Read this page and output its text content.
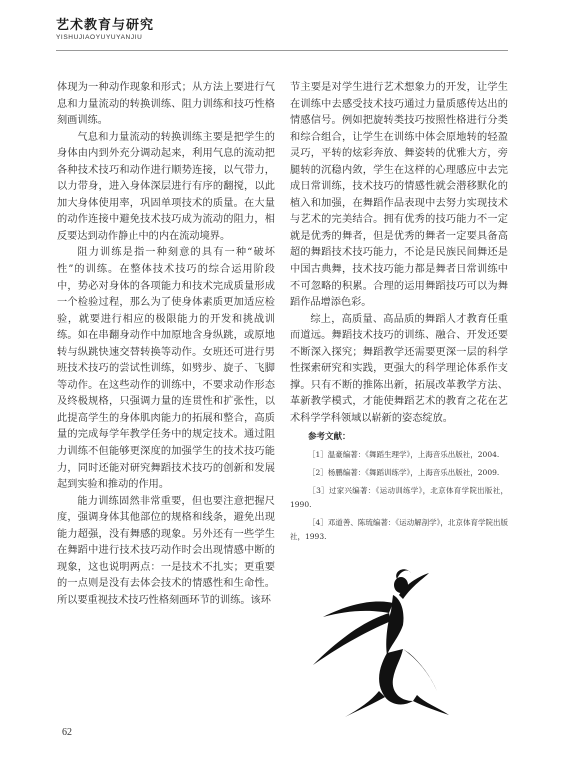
艺术教育与研究
YISHUJIAOYUYUYANJIU

体现为一种动作现象和形式；从方法上要进行气息和力量流动的转换训练、阻力训练和技巧性格刻画训练。

气息和力量流动的转换训练主要是把学生的身体由内到外充分调动起来，利用气息的流动把各种技术技巧和动作进行顺势连接，以气带力，以力带身，进入身体深层进行有序的翻搅，以此加大身体使用率，巩固单项技术的质量。在大量的动作连接中避免技术技巧成为流动的阻力，相反要达到动作静止中的内在流动境界。

阻力训练是指一种刻意的具有一种“破坏性”的训练。在整体技术技巧的综合运用阶段中，势必对身体的各项能力和技术完成质量形成一个检验过程，那么为了使身体素质更加适应检验，就要进行相应的极限能力的开发和挑战训练。如在串翻身动作中加原地含身纵跳，或原地转与纵跳快速交替转换等动作。女班还可进行男班技术技巧的尝试性训练，如劈步、旋子、飞脚等动作。在这些动作的训练中，不要求动作形态及终极规格，只强调力量的连贯性和扩张性，以此提高学生的身体肌肉能力的拓展和整合，高质量的完成每学年教学任务中的规定技术。通过阻力训练不但能够更深度的加强学生的技术技巧能力，同时还能对研究舞蹈技术技巧的创新和发展起到实验和推动的作用。

能力训练固然非常重要，但也要注意把握尺度，强调身体其他部位的规格和线条，避免出现能力超强，没有舞感的现象。另外还有一些学生在舞蹈中进行技术技巧动作时会出现情感中断的现象，这也说明两点：一是技术不扎实；更重要的一点则是没有去体会技术的情感性和生命性。所以要重视技术技巧性格刻画环节的训练。该环

节主要是对学生进行艺术想象力的开发，让学生在训练中去感受技术技巧通过力量质感传达出的情感信号。例如把旋转类技巧按照性格进行分类和综合组合，让学生在训练中体会原地转的轻盈灵巧，平转的炫彩奔放、舞姿转的优雅大方，旁腿转的沉稳内敛，学生在这样的心理感应中去完成日常训练，技术技巧的情感性就会潜移默化的植入和加强，在舞蹈作品表现中去努力实现技术与艺术的完美结合。拥有优秀的技巧能力不一定就是优秀的舞者，但是优秀的舞者一定要具备高超的舞蹈技术技巧能力，不论是民族民间舞还是中国古典舞，技术技巧能力都是舞者日常训练中不可忽略的积累。合理的运用舞蹈技巧可以为舞蹈作品增添色彩。

综上，高质量、高品质的舞蹈人才教育任重而道远。舞蹈技术技巧的训练、融合、开发还要不断深入探究；舞蹈教学还需要更深一层的科学性探索研究和实践，更强大的科学理论体系作支撑。只有不断的推陈出新，拓展改革教学方法、革新教学模式，才能使舞蹈艺术的教育之花在艺术科学学科领域以崭新的姿态绽放。

参考文献：
［1］温豪编著：《舞蹈生理学》，上海音乐出版社，2004.
［2］杨鹏编著：《舞蹈训练学》，上海音乐出版社，2009.
［3］过家兴编著：《运动训练学》，北京体育学院出版社，1990.
［4］邓道善、陈琉编著：《运动解剖学》，北京体育学院出版社，1993.
62
